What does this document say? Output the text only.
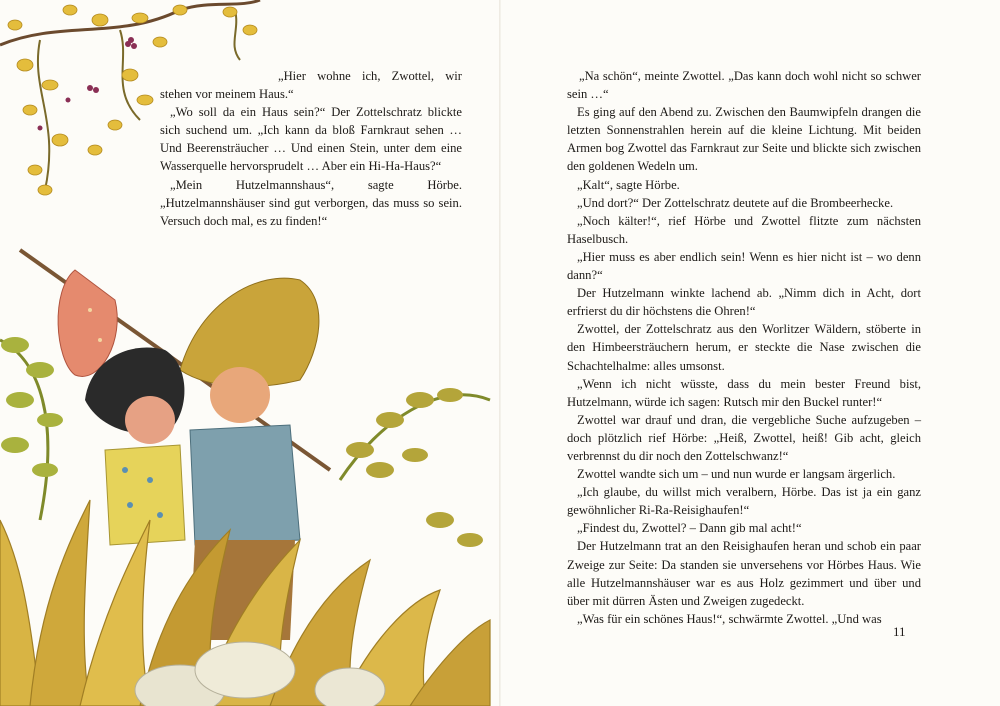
„Hier wohne ich, Zwottel, wir stehen vor meinem Haus.“

„Wo soll da ein Haus sein?“ Der Zottelschratz blickte sich suchend um. „Ich kann da bloß Farnkraut sehen … Und Beerensträucher … Und einen Stein, unter dem eine Wasserquelle hervorsprudelt … Aber ein Hi-Ha-Haus?“

„Mein Hutzelmannshaus“, sagte Hörbe. „Hutzelmannshäuser sind gut verborgen, das muss so sein. Versuch doch mal, es zu finden!“

„Na schön“, meinte Zwottel. „Das kann doch wohl nicht so schwer sein …“

Es ging auf den Abend zu. Zwischen den Baumwipfeln drangen die letzten Sonnenstrahlen herein auf die kleine Lichtung. Mit beiden Armen bog Zwottel das Farnkraut zur Seite und blickte sich zwischen den goldenen Wedeln um.

„Kalt“, sagte Hörbe.

„Und dort?“ Der Zottelschratz deutete auf die Brombeerhecke.

„Noch kälter!“, rief Hörbe und Zwottel flitzte zum nächsten Haselbusch.

„Hier muss es aber endlich sein! Wenn es hier nicht ist – wo denn dann?“

Der Hutzelmann winkte lachend ab. „Nimm dich in Acht, dort erfrierst du dir höchstens die Ohren!“

Zwottel, der Zottelschratz aus den Worlitzer Wäldern, stöberte in den Himbeersträuchern herum, er steckte die Nase zwischen die Schachtelhalme: alles umsonst.

„Wenn ich nicht wüsste, dass du mein bester Freund bist, Hutzelmann, würde ich sagen: Rutsch mir den Buckel runter!“

Zwottel war drauf und dran, die vergebliche Suche aufzugeben – doch plötzlich rief Hörbe: „Heiß, Zwottel, heiß! Gib acht, gleich verbrennst du dir noch den Zottelschwanz!“

Zwottel wandte sich um – und nun wurde er langsam ärgerlich.

„Ich glaube, du willst mich veralbern, Hörbe. Das ist ja ein ganz gewöhnlicher Ri-Ra-Reisighaufen!“

„Findest du, Zwottel? – Dann gib mal acht!“

Der Hutzelmann trat an den Reisighaufen heran und schob ein paar Zweige zur Seite: Da standen sie unversehens vor Hörbes Haus. Wie alle Hutzelmannshäuser war es aus Holz gezimmert und über und über mit dürren Ästen und Zweigen zugedeckt.

„Was für ein schönes Haus!“, schwärmte Zwottel. „Und was

11
